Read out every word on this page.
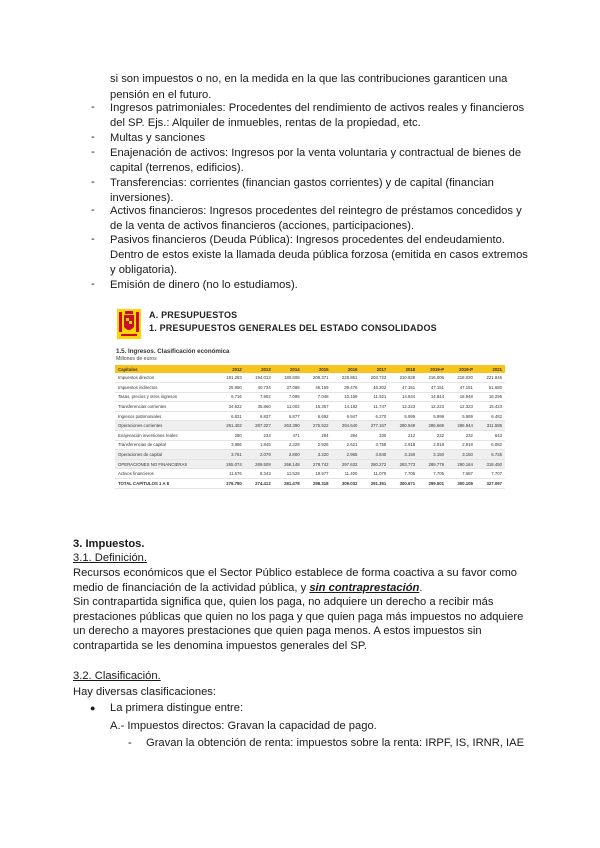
si son impuestos o no, en la medida en la que las contribuciones garanticen una
pensión en el futuro.
- Ingresos patrimoniales: Procedentes del rendimiento de activos reales y financieros
del SP. Ejs.: Alquiler de inmuebles, rentas de la propiedad, etc.
- Multas y sanciones
- Enajenación de activos: Ingresos por la venta voluntaria y contractual de bienes de
capital (terrenos, edificios).
- Transferencias: corrientes (financian gastos corrientes) y de capital (financian
inversiones).
- Activos financieros: Ingresos procedentes del reintegro de préstamos concedidos y
de la venta de activos financieros (acciones, participaciones).
- Pasivos financieros (Deuda Pública): Ingresos procedentes del endeudamiento.
Dentro de estos existe la llamada deuda pública forzosa (emitida en casos extremos
y obligatoria).
- Emisión de dinero (no lo estudiamos).
A. PRESUPUESTOS
1. PRESUPUESTOS GENERALES DEL ESTADO CONSOLIDADOS
1.5. Ingresos. Clasificación económica
Millones de euros
Capítulos	2012	2013	2014	2015	2016	2017	2018	2019-P	2019-P	2021
Impuestos directos	191.283	194.013	180.608	209.371	228.861	203.723	210.828	216.006	218.020	221.846
Impuestos indirectos	25.950	40.734	37.088	46.159	39.476	46.302	47.151	47.151	47.151	51.680
Tasas, precios y otros ingresos	6.716	7.902	7.095	7.048	10.159	11.921	14.844	14.844	18.948	16.295
Transferencias corrientes	34.622	35.860	11.002	15.357	14.182	11.747	12.223	12.223	12.323	15.423
Ingresos patrimoniales	6.831	6.837	6.877	6.692	6.947	6.270	5.999	5.999	5.989	6.482
Operaciones corrientes	261.402	287.327	263.390	275.522	294.640	277.167	280.949	286.669	286.944	311.585
Enajenación inversiones reales	280	234	471	284	394	330	212	232	232	643
Transferencias de capital	3.886	1.845	2.329	2.926	2.621	3.758	2.918	2.918	2.918	6.082
Operaciones de capital	3.761	2.079	2.800	3.220	2.965	3.840	3.150	3.150	3.150	6.725
OPERACIONES NO FINANCIERAS	265.074	289.509	266.148	278.742	297.632	280.272	283.773	289.779	290.164	318.450
Activos financieros	11.576	8.343	11.528	19.577	11.400	11.079	7.705	7.705	7.687	7.707
TOTAL CAPÍTULOS 1 A 8	276.780	274.412	281.478	298.318	309.032	291.351	300.671	299.501	300.109	327.097
3. Impuestos.
3.1. Definición.
Recursos económicos que el Sector Público establece de forma coactiva a su favor como
medio de financiación de la actividad pública, y sin contraprestación.
Sin contrapartida significa que, quien los paga, no adquiere un derecho a recibir más
prestaciones públicas que quien no los paga y que quien paga más impuestos no adquiere
un derecho a mayores prestaciones que quien paga menos. A estos impuestos sin
contrapartida se les denomina impuestos generales del SP.
3.2. Clasificación.
Hay diversas clasificaciones:
● La primera distingue entre:
A.- Impuestos directos: Gravan la capacidad de pago.
- Gravan la obtención de renta: impuestos sobre la renta: IRPF, IS, IRNR, IAE
